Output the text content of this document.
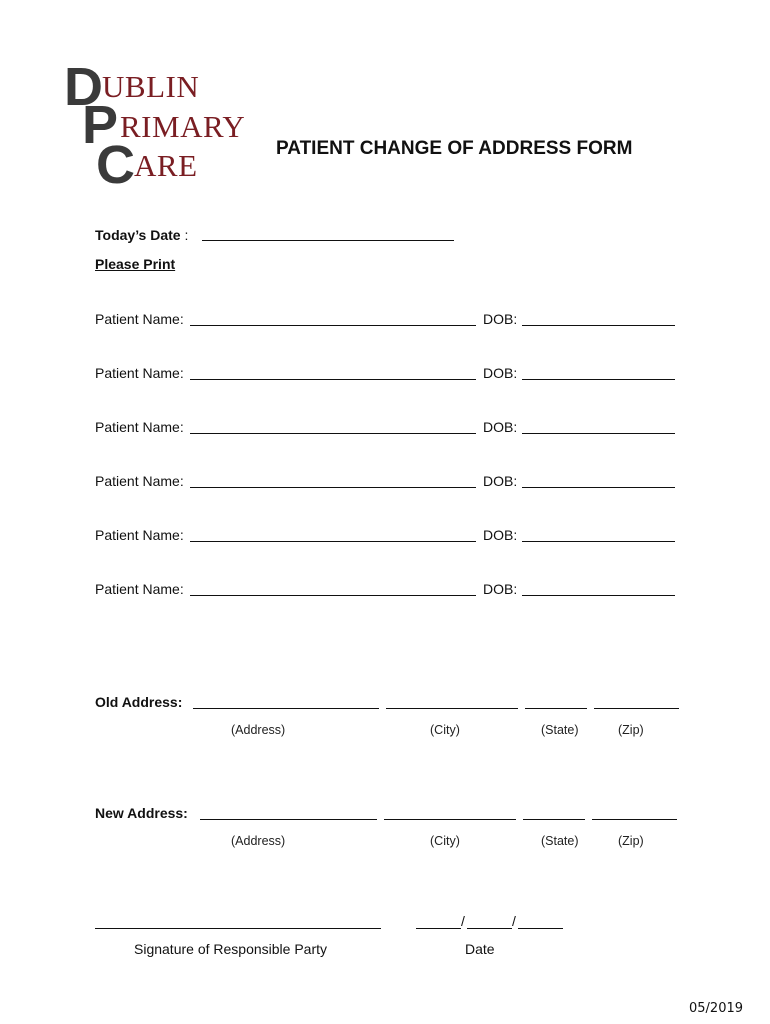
D UBLIN
P RIMARY
C ARE	PATIENT CHANGE OF ADDRESS FORM
Today’s Date :
Please Print
Patient Name:	DOB:
Patient Name:	DOB:
Patient Name:	DOB:
Patient Name:	DOB:
Patient Name:	DOB:
Patient Name:	DOB:
Old Address:
(Address)	(City)	(State)	(Zip)
New Address:
(Address)	(City)	(State)	(Zip)
/	/
Signature of Responsible Party	Date
05/2019
